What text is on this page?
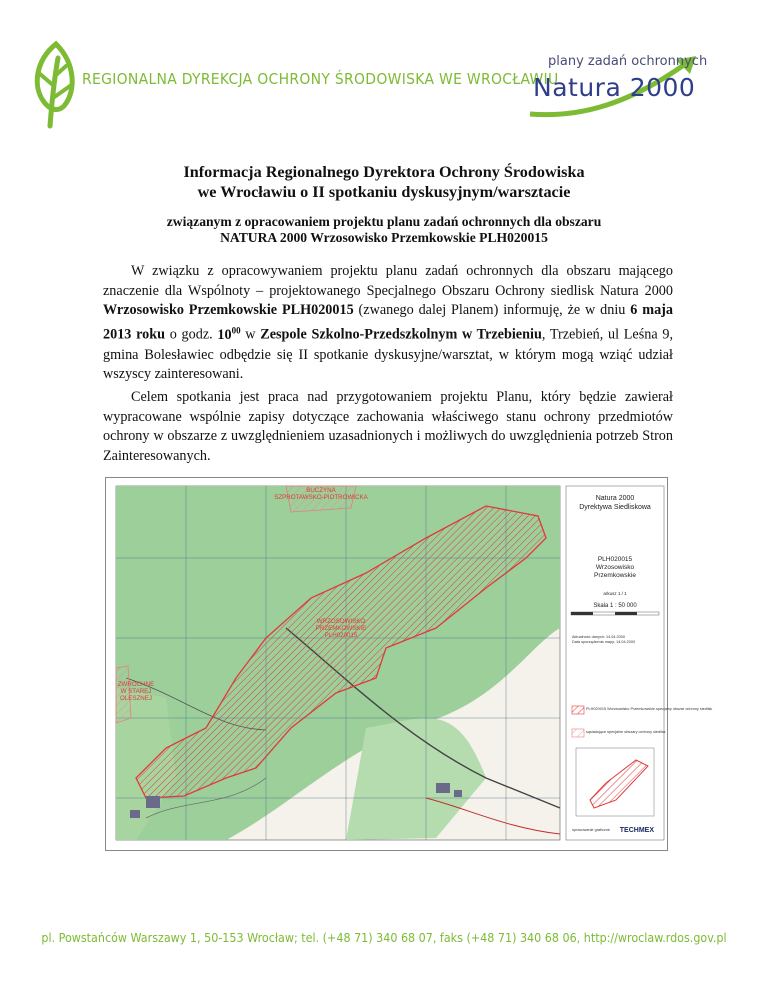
REGIONALNA DYREKCJA OCHRONY ŚRODOWISKA WE WROCŁAWIU
plany zadań ochronnych
Natura 2000
Informacja Regionalnego Dyrektora Ochrony Środowiska
we Wrocławiu o II spotkaniu dyskusyjnym/warsztacie
związanym z opracowaniem projektu planu zadań ochronnych dla obszaru
NATURA 2000 Wrzosowisko Przemkowskie PLH020015

W związku z opracowywaniem projektu planu zadań ochronnych dla obszaru mającego znaczenie dla Wspólnoty – projektowanego Specjalnego Obszaru Ochrony siedlisk Natura 2000 Wrzosowisko Przemkowskie PLH020015 (zwanego dalej Planem) informuję, że w dniu 6 maja 2013 roku o godz. $10^{00}$ w Zespole Szkolno-Przedszkolnym w Trzebieniu, Trzebień, ul Leśna 9, gmina Bolesławiec odbędzie się II spotkanie dyskusyjne/warsztat, w którym mogą wziąć udział wszyscy zainteresowani.

Celem spotkania jest praca nad przygotowaniem projektu Planu, który będzie zawierał wypracowane wspólnie zapisy dotyczące zachowania właściwego stanu ochrony przedmiotów ochrony w obszarze z uwzględnieniem uzasadnionych i możliwych do uwzględnienia potrzeb Stron Zainteresowanych.

BUCZYNA
SZPROTAWSKO-PIOTROWICKA
WRZOSOWISKO
PRZEMKOWSKIE
PLH020015
ZWROCHNE
W STAREJ
OLESZNEJ
Natura 2000
Dyrektywa Siedliskowa
PLH020015
Wrzosowisko
Przemkowskie
arkusz 1 / 1
Skala 1 : 50 000
Aktualność danych: 14.04.2000
Data sporządzenia mapy: 14.04.2000
PLH020015 Wrzosowisko Przemkowskie specjalny obszar ochrony siedlisk
sąsiadujące specjalne obszary ochrony siedlisk
opracowanie graficzne TECHMEX
pl. Powstańców Warszawy 1, 50-153 Wrocław; tel. (+48 71) 340 68 07, faks (+48 71) 340 68 06, http://wroclaw.rdos.gov.pl
